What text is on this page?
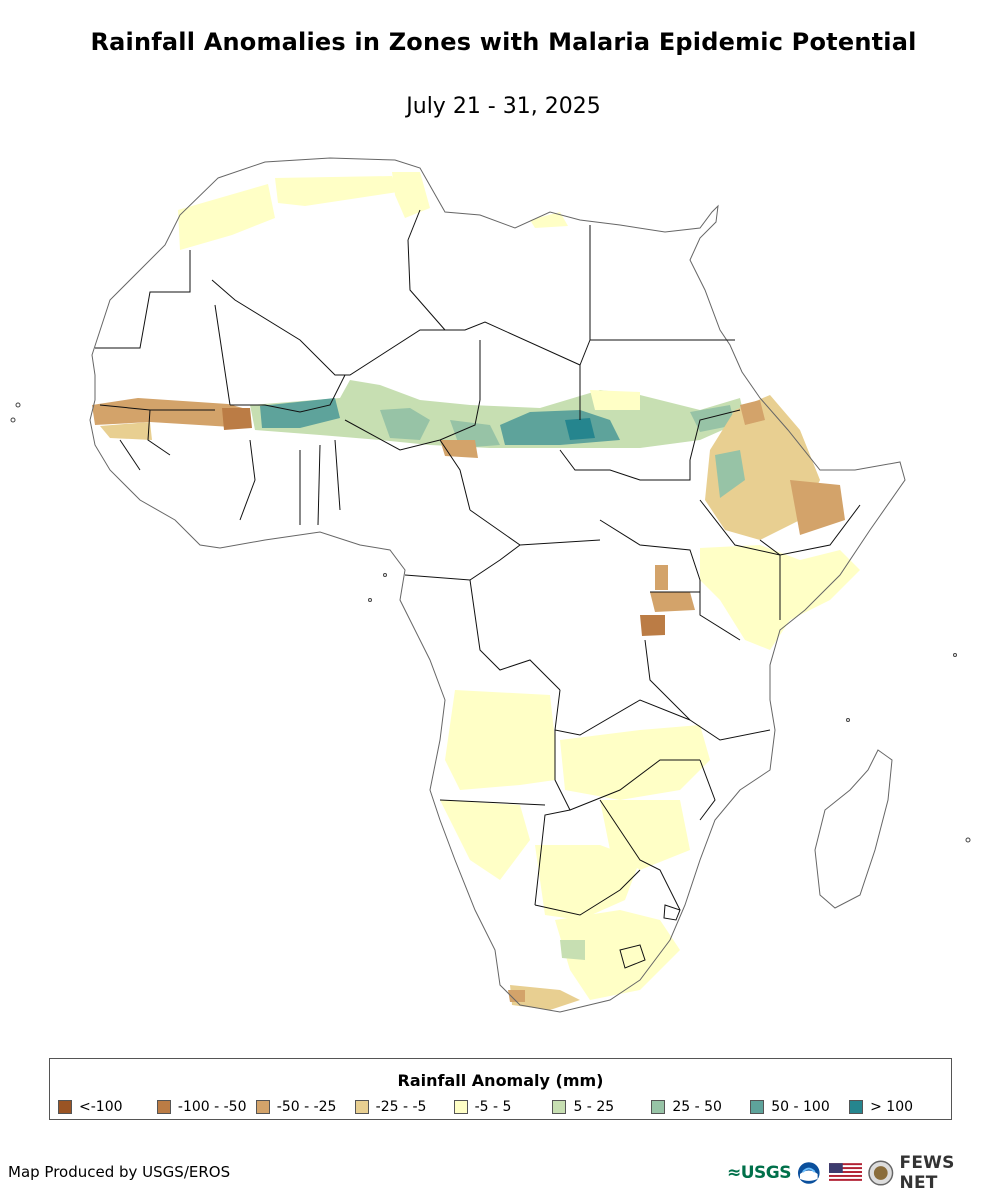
Rainfall Anomalies in Zones with Malaria Epidemic Potential
July 21 - 31, 2025
Rainfall Anomaly (mm)
<-100	-100 - -50 -50 - -25	-25 - -5	-5 - 5	5 - 25	25 - 50	50 - 100	> 100
Map Produced by USGS/EROS	≈USGS	FEWS NET
